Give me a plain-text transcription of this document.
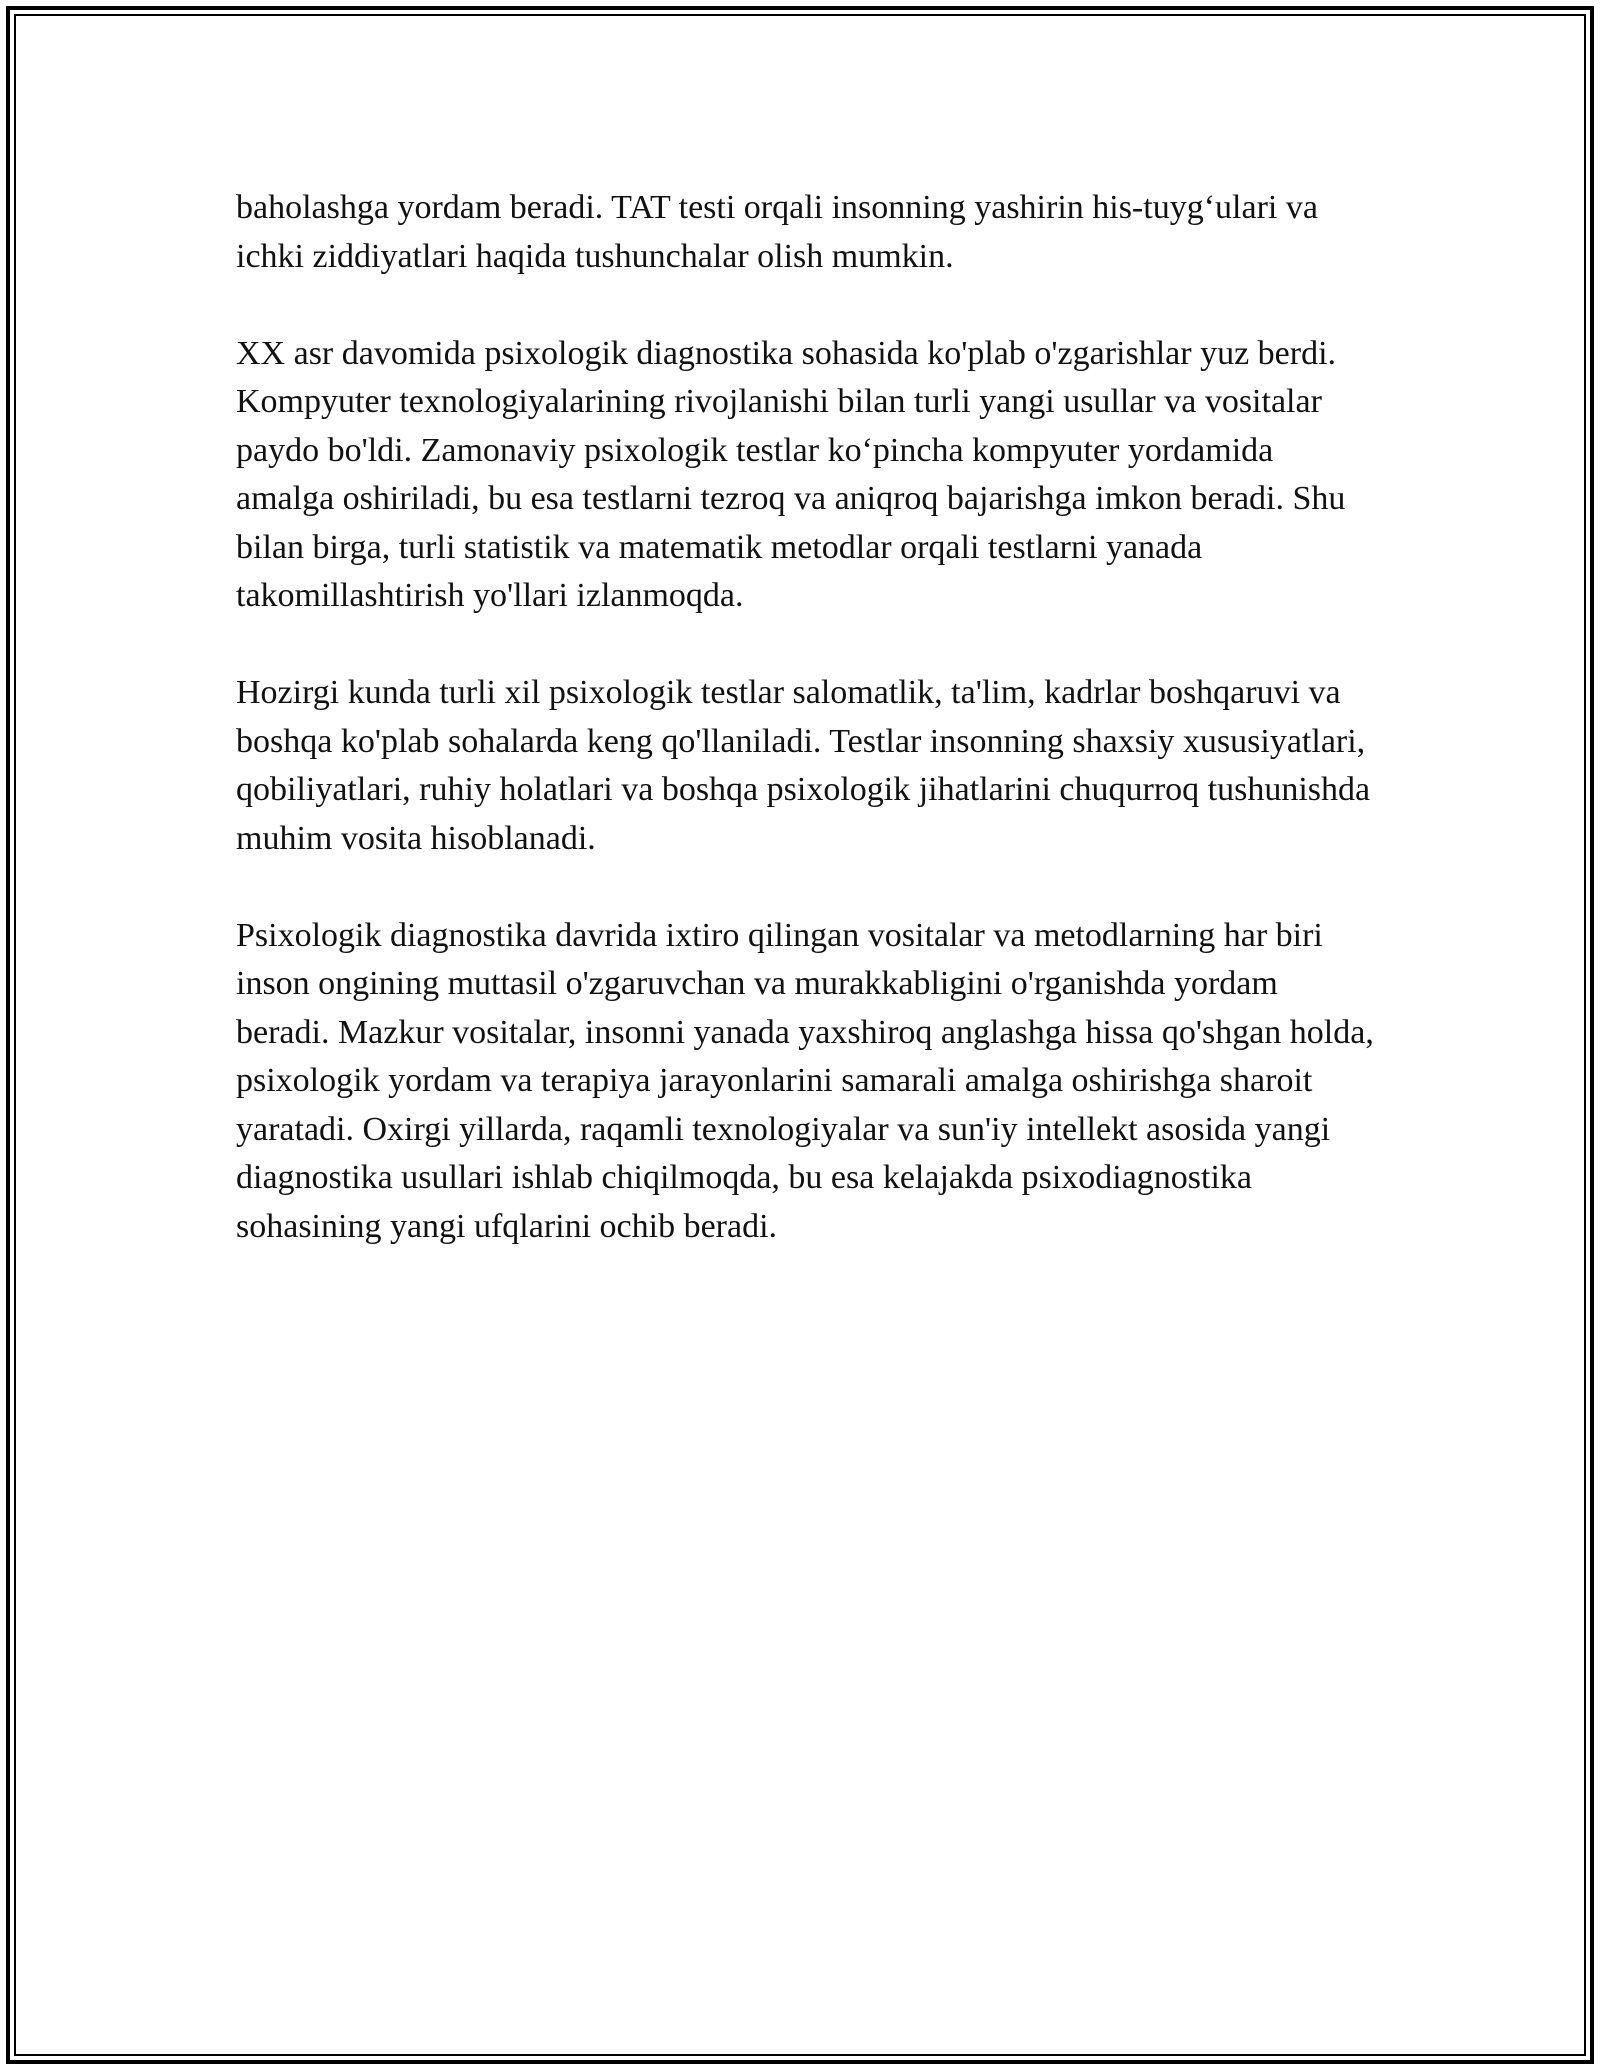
baholashga yordam beradi. TAT testi orqali insonning yashirin his-tuyg‘ulari va ichki ziddiyatlari haqida tushunchalar olish mumkin.

XX asr davomida psixologik diagnostika sohasida ko'plab o'zgarishlar yuz berdi. Kompyuter texnologiyalarining rivojlanishi bilan turli yangi usullar va vositalar paydo bo'ldi. Zamonaviy psixologik testlar ko‘pincha kompyuter yordamida amalga oshiriladi, bu esa testlarni tezroq va aniqroq bajarishga imkon beradi. Shu bilan birga, turli statistik va matematik metodlar orqali testlarni yanada takomillashtirish yo'llari izlanmoqda.

Hozirgi kunda turli xil psixologik testlar salomatlik, ta'lim, kadrlar boshqaruvi va boshqa ko'plab sohalarda keng qo'llaniladi. Testlar insonning shaxsiy xususiyatlari, qobiliyatlari, ruhiy holatlari va boshqa psixologik jihatlarini chuqurroq tushunishda muhim vosita hisoblanadi.

Psixologik diagnostika davrida ixtiro qilingan vositalar va metodlarning har biri inson ongining muttasil o'zgaruvchan va murakkabligini o'rganishda yordam beradi. Mazkur vositalar, insonni yanada yaxshiroq anglashga hissa qo'shgan holda, psixologik yordam va terapiya jarayonlarini samarali amalga oshirishga sharoit yaratadi. Oxirgi yillarda, raqamli texnologiyalar va sun'iy intellekt asosida yangi diagnostika usullari ishlab chiqilmoqda, bu esa kelajakda psixodiagnostika sohasining yangi ufqlarini ochib beradi.
